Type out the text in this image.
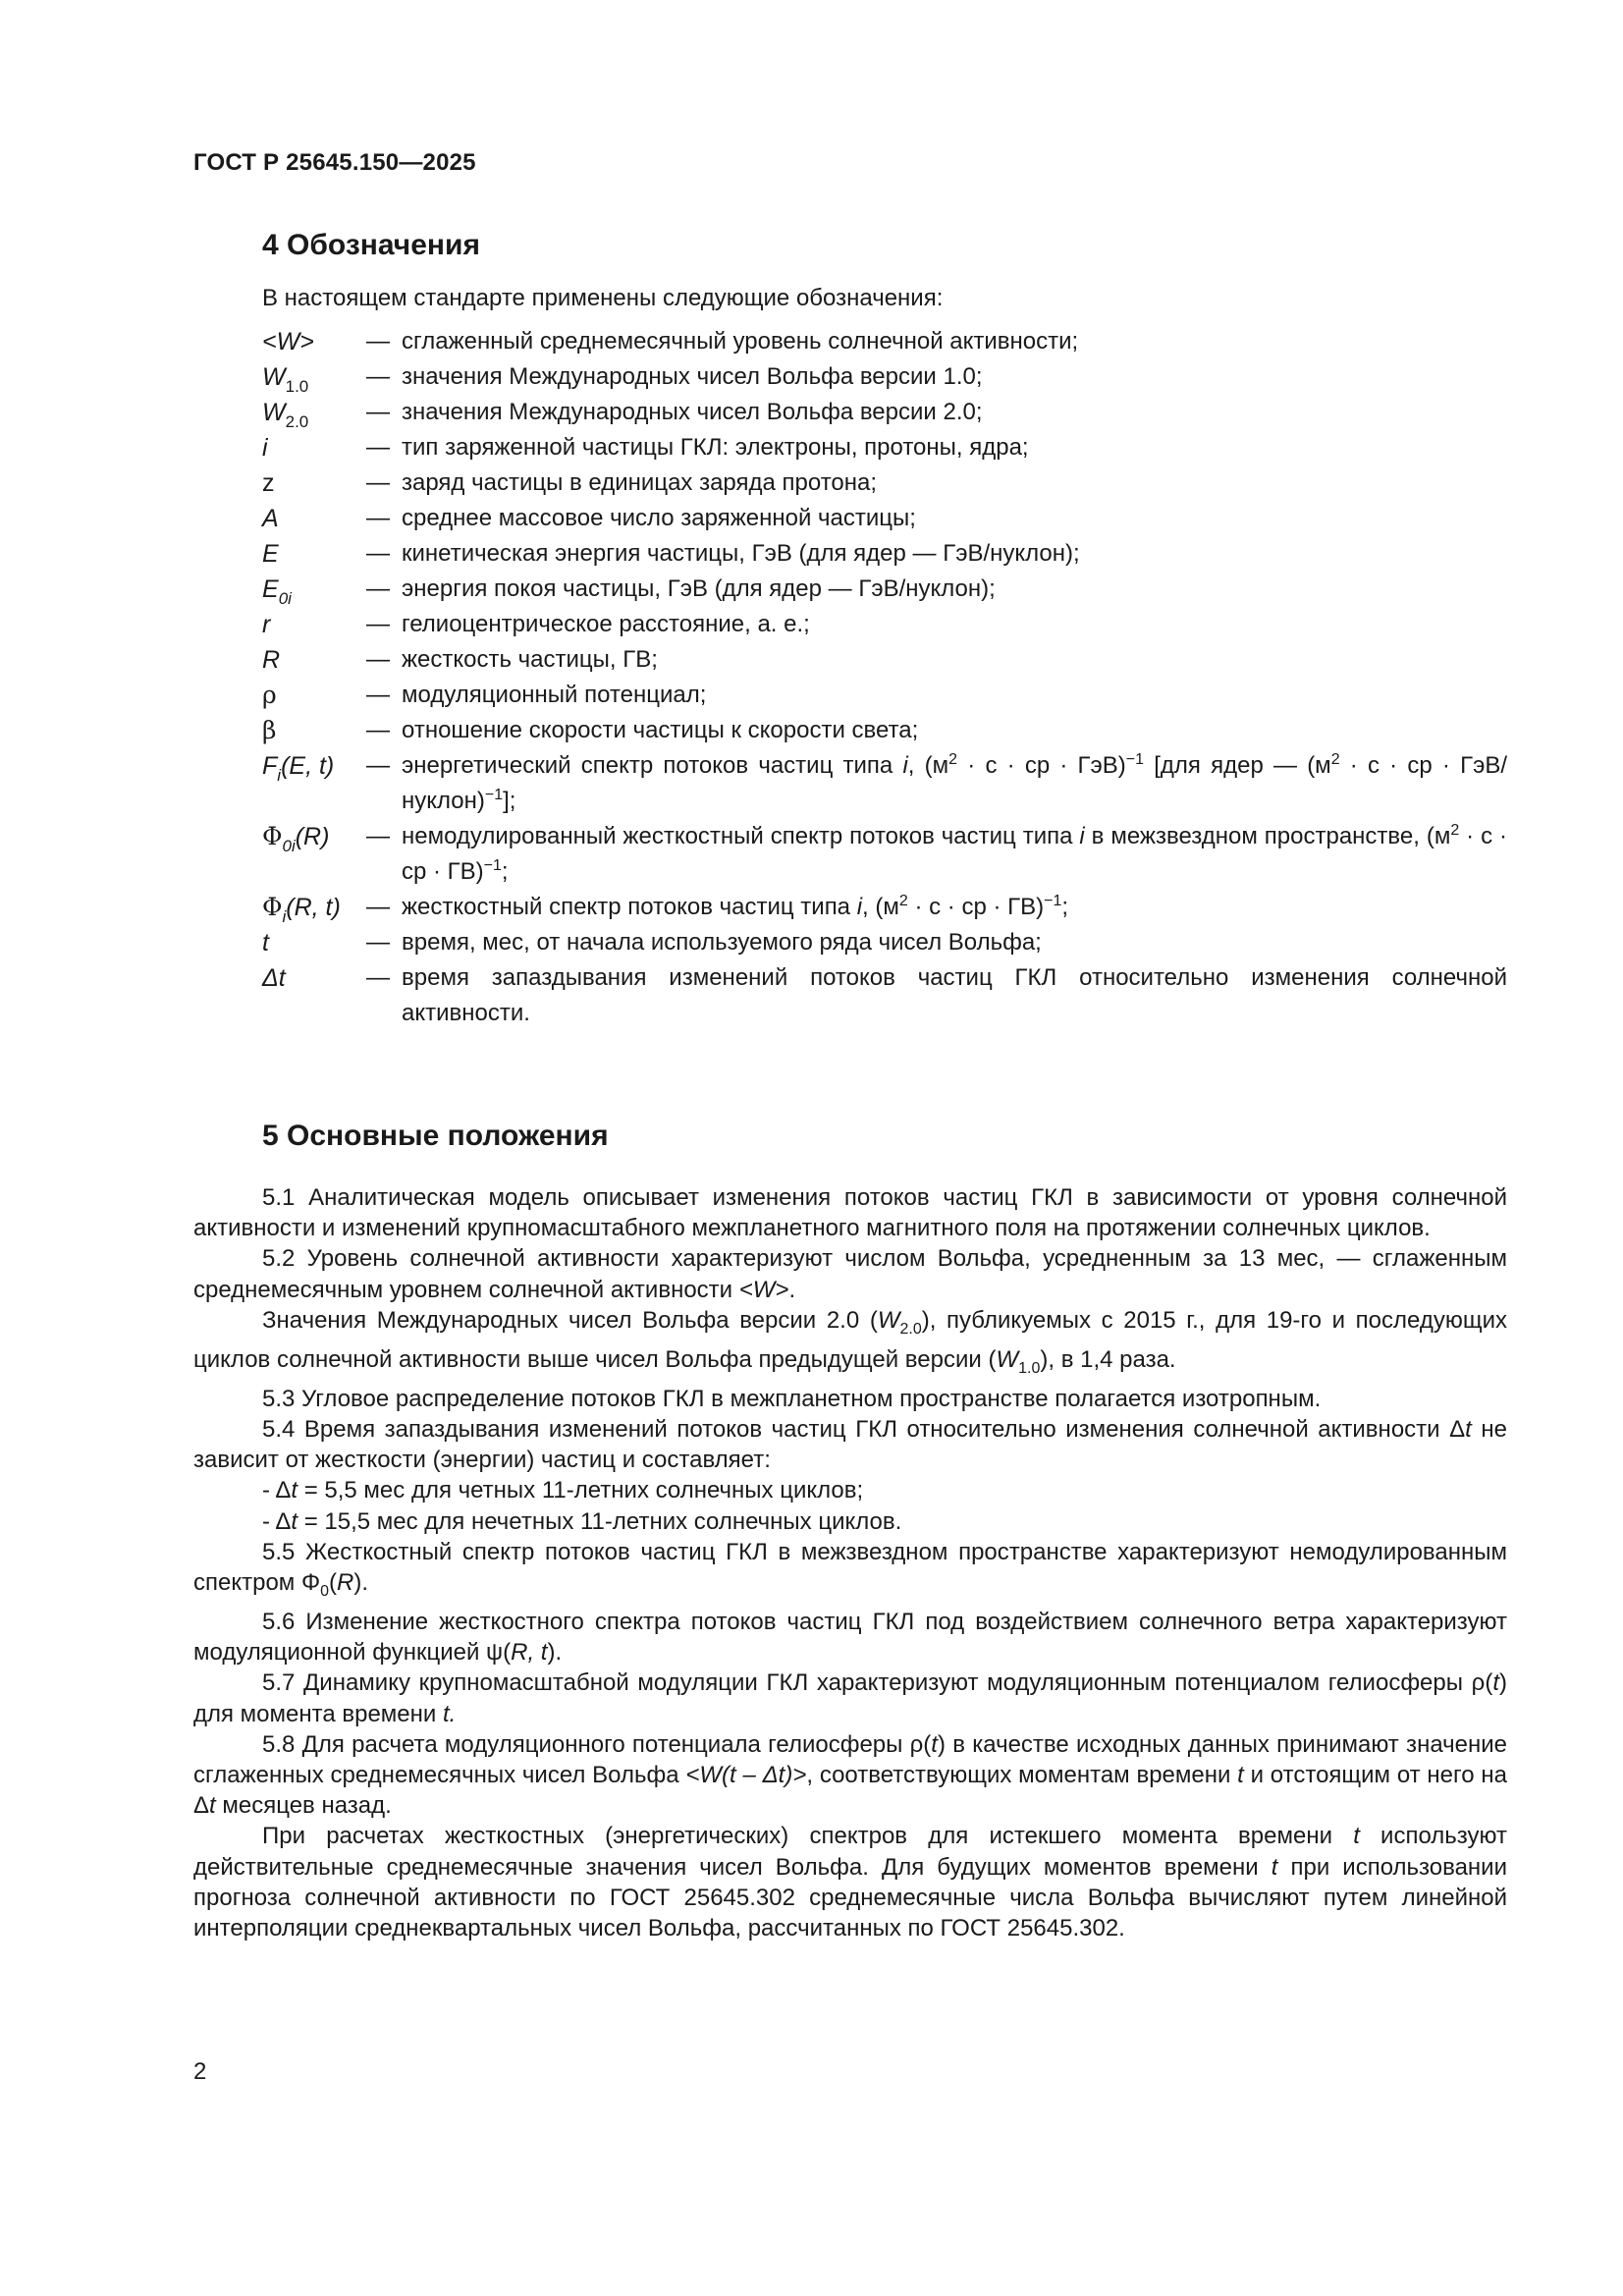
ГОСТ Р 25645.150—2025
4 Обозначения
В настоящем стандарте применены следующие обозначения:
<W>	— сглаженный среднемесячный уровень солнечной активности;
$W_{1.0}$	— значения Международных чисел Вольфа версии 1.0;
$W_{2.0}$	— значения Международных чисел Вольфа версии 2.0;
i	— тип заряженной частицы ГКЛ: электроны, протоны, ядра;
z	— заряд частицы в единицах заряда протона;
A	— среднее массовое число заряженной частицы;
E	— кинетическая энергия частицы, ГэВ (для ядер — ГэВ/нуклон);
$E_{0i}$	— энергия покоя частицы, ГэВ (для ядер — ГэВ/нуклон);
r	— гелиоцентрическое расстояние, а. е.;
R	— жесткость частицы, ГВ;
ρ	— модуляционный потенциал;
β	— отношение скорости частицы к скорости света;
$F_i(E$, t)	— энергетический спектр потоков частиц типа i, ($м^2 \cdot с$ · ср · ГэВ)$^{-1}$ [для ядер — ($м^2 \cdot с$ · ср · ГэВ/нуклон)$^{-1}$];
$\Phi_{0i}(R)$	— немодулированный жесткостный спектр потоков частиц типа i в межзвездном пространстве, ($м^2 \cdot с$ · ср · ГВ)$^{-1}$;
$\Phi_i(R$, t)	— жесткостный спектр потоков частиц типа i, ($м^2 \cdot с$ · ср · ГВ)$^{-1}$;
t	— время, мес, от начала используемого ряда чисел Вольфа;
Δt	— время запаздывания изменений потоков частиц ГКЛ относительно изменения солнечной активности.
5 Основные положения

5.1 Аналитическая модель описывает изменения потоков частиц ГКЛ в зависимости от уровня солнечной активности и изменений крупномасштабного межпланетного магнитного поля на протяжении солнечных циклов.

5.2 Уровень солнечной активности характеризуют числом Вольфа, усредненным за 13 мес, — сглаженным среднемесячным уровнем солнечной активности <W>.

Значения Международных чисел Вольфа версии 2.0 $(W_{2.0})$, публикуемых с 2015 г., для 19-го и последующих циклов солнечной активности выше чисел Вольфа предыдущей версии $(W_{1.0})$, в 1,4 раза.

5.3 Угловое распределение потоков ГКЛ в межпланетном пространстве полагается изотропным.

5.4 Время запаздывания изменений потоков частиц ГКЛ относительно изменения солнечной активности Δt не зависит от жесткости (энергии) частиц и составляет:

- Δt = 5,5 мес для четных 11-летних солнечных циклов;

- Δt = 15,5 мес для нечетных 11-летних солнечных циклов.

5.5 Жесткостный спектр потоков частиц ГКЛ в межзвездном пространстве характеризуют немодулированным спектром $\Phi_0(R)$.

5.6 Изменение жесткостного спектра потоков частиц ГКЛ под воздействием солнечного ветра характеризуют модуляционной функцией ψ(R, t).

5.7 Динамику крупномасштабной модуляции ГКЛ характеризуют модуляционным потенциалом гелиосферы ρ(t) для момента времени t.

5.8 Для расчета модуляционного потенциала гелиосферы ρ(t) в качестве исходных данных принимают значение сглаженных среднемесячных чисел Вольфа <W(t – Δt)>, соответствующих моментам времени t и отстоящим от него на Δt месяцев назад.

При расчетах жесткостных (энергетических) спектров для истекшего момента времени t используют действительные среднемесячные значения чисел Вольфа. Для будущих моментов времени t при использовании прогноза солнечной активности по ГОСТ 25645.302 среднемесячные числа Вольфа вычисляют путем линейной интерполяции среднеквартальных чисел Вольфа, рассчитанных по ГОСТ 25645.302.

2
